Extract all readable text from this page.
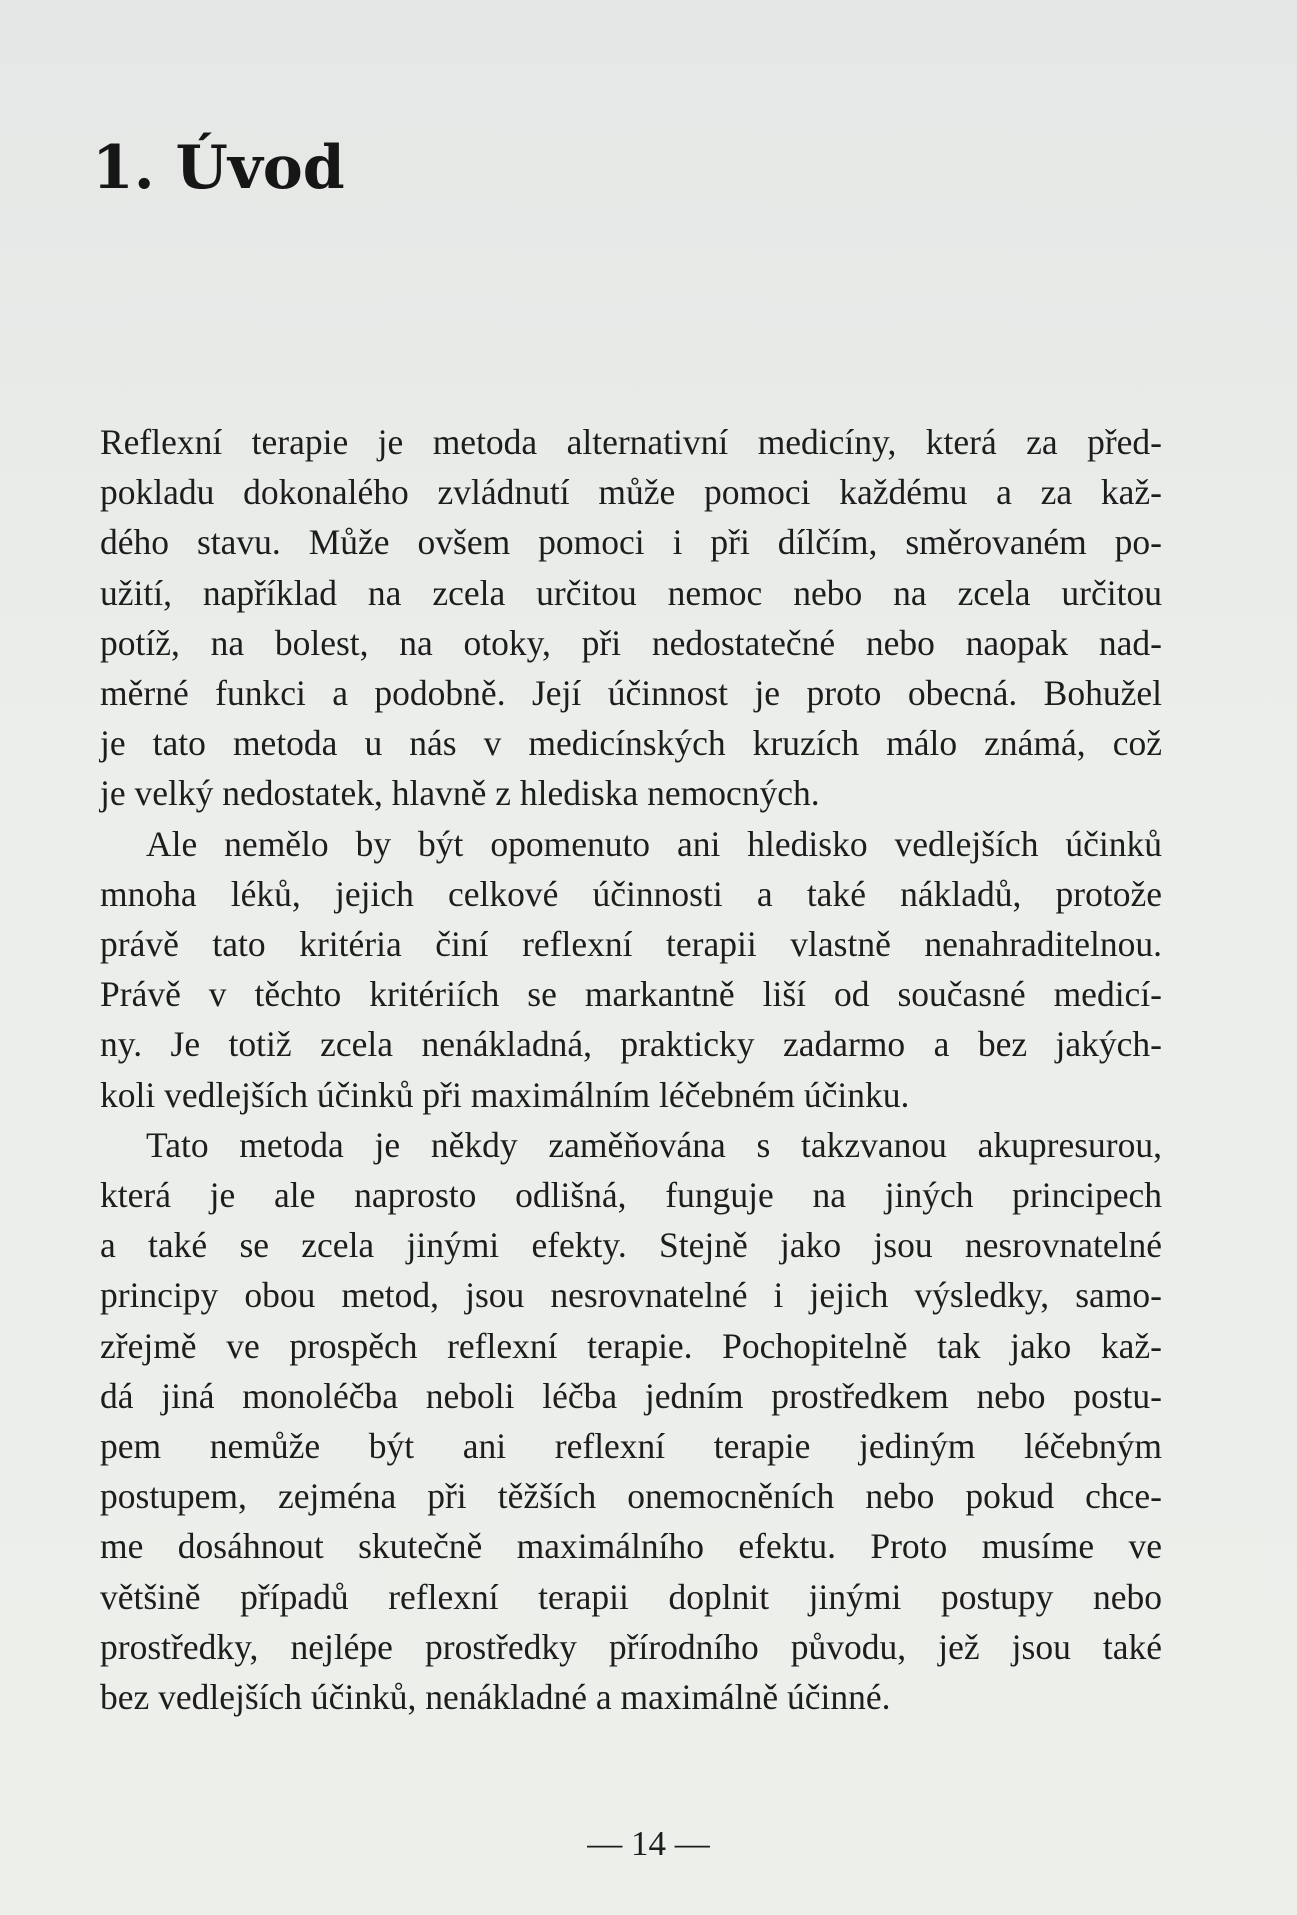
1. Úvod
Reflexní terapie je metoda alternativní medicíny, která za před-
pokladu dokonalého zvládnutí může pomoci každému a za kaž-
dého stavu. Může ovšem pomoci i při dílčím, směrovaném po-
užití, například na zcela určitou nemoc nebo na zcela určitou
potíž, na bolest, na otoky, při nedostatečné nebo naopak nad-
měrné funkci a podobně. Její účinnost je proto obecná. Bohužel
je tato metoda u nás v medicínských kruzích málo známá, což
je velký nedostatek, hlavně z hlediska nemocných.
Ale nemělo by být opomenuto ani hledisko vedlejších účinků
mnoha léků, jejich celkové účinnosti a také nákladů, protože
právě tato kritéria činí reflexní terapii vlastně nenahraditelnou.
Právě v těchto kritériích se markantně liší od současné medicí-
ny. Je totiž zcela nenákladná, prakticky zadarmo a bez jakých-
koli vedlejších účinků při maximálním léčebném účinku.
Tato metoda je někdy zaměňována s takzvanou akupresurou,
která je ale naprosto odlišná, funguje na jiných principech
a také se zcela jinými efekty. Stejně jako jsou nesrovnatelné
principy obou metod, jsou nesrovnatelné i jejich výsledky, samo-
zřejmě ve prospěch reflexní terapie. Pochopitelně tak jako kaž-
dá jiná monoléčba neboli léčba jedním prostředkem nebo postu-
pem nemůže být ani reflexní terapie jediným léčebným
postupem, zejména při těžších onemocněních nebo pokud chce-
me dosáhnout skutečně maximálního efektu. Proto musíme ve
většině případů reflexní terapii doplnit jinými postupy nebo
prostředky, nejlépe prostředky přírodního původu, jež jsou také
bez vedlejších účinků, nenákladné a maximálně účinné.
— 14 —
